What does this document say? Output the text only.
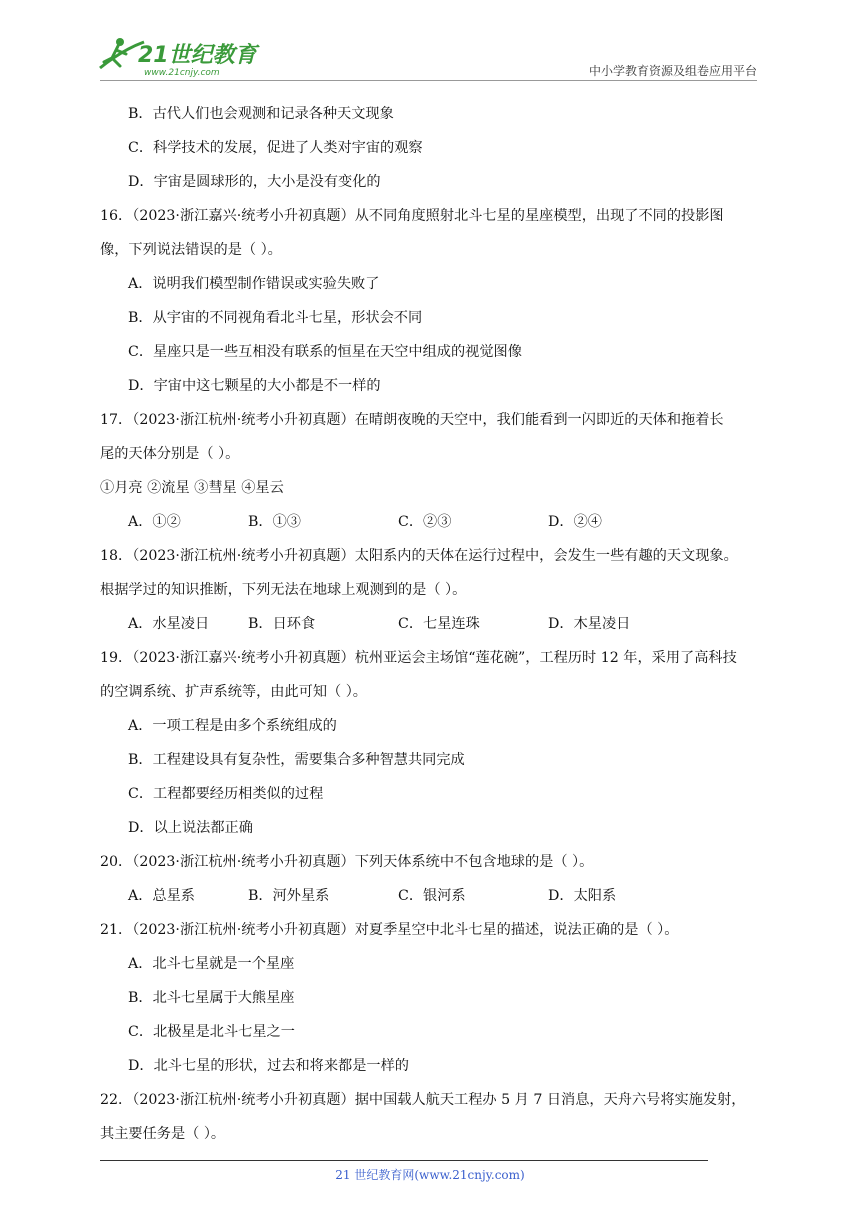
21世纪教育
www.21cnjy.com	中小学教育资源及组卷应用平台
B．古代人们也会观测和记录各种天文现象
C．科学技术的发展，促进了人类对宇宙的观察
D．宇宙是圆球形的，大小是没有变化的
16．（2023·浙江嘉兴·统考小升初真题）从不同角度照射北斗七星的星座模型，出现了不同的投影图
像，下列说法错误的是（ ）。
A．说明我们模型制作错误或实验失败了
B．从宇宙的不同视角看北斗七星，形状会不同
C．星座只是一些互相没有联系的恒星在天空中组成的视觉图像
D．宇宙中这七颗星的大小都是不一样的
17．（2023·浙江杭州·统考小升初真题）在晴朗夜晚的天空中，我们能看到一闪即近的天体和拖着长
尾的天体分别是（ ）。
①月亮 ②流星 ③彗星 ④星云
A．①②	B．①③	C．②③	D．②④
18．（2023·浙江杭州·统考小升初真题）太阳系内的天体在运行过程中，会发生一些有趣的天文现象。
根据学过的知识推断，下列无法在地球上观测到的是（ ）。
A．水星凌日	B．日环食	C．七星连珠	D．木星凌日
19．（2023·浙江嘉兴·统考小升初真题）杭州亚运会主场馆“莲花碗”，工程历时 12 年，采用了高科技
的空调系统、扩声系统等，由此可知（ ）。
A．一项工程是由多个系统组成的
B．工程建设具有复杂性，需要集合多种智慧共同完成
C．工程都要经历相类似的过程
D．以上说法都正确
20．（2023·浙江杭州·统考小升初真题）下列天体系统中不包含地球的是（ ）。
A．总星系	B．河外星系	C．银河系	D．太阳系
21．（2023·浙江杭州·统考小升初真题）对夏季星空中北斗七星的描述，说法正确的是（ ）。
A．北斗七星就是一个星座
B．北斗七星属于大熊星座
C．北极星是北斗七星之一
D．北斗七星的形状，过去和将来都是一样的
22．（2023·浙江杭州·统考小升初真题）据中国载人航天工程办 5 月 7 日消息，天舟六号将实施发射，
其主要任务是（ ）。
21 世纪教育网(www.21cnjy.com)
